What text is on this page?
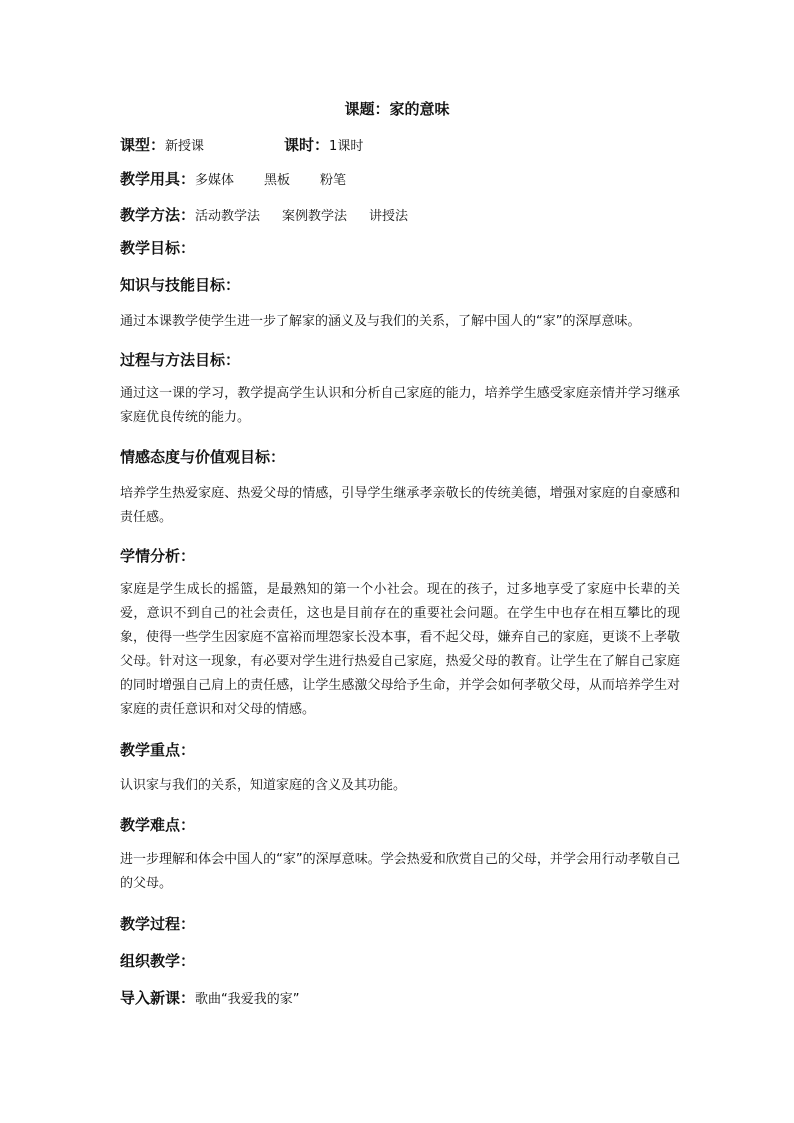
课题：家的意味
课型：新授课	课时：1课时
教学用具：多媒体 黑板 粉笔
教学方法：活动教学法 案例教学法 讲授法
教学目标：
知识与技能目标：
通过本课教学使学生进一步了解家的涵义及与我们的关系，了解中国人的“家”的深厚意味。
过程与方法目标：
通过这一课的学习，教学提高学生认识和分析自己家庭的能力，培养学生感受家庭亲情并学习继承家庭优良传统的能力。
情感态度与价值观目标：
培养学生热爱家庭、热爱父母的情感，引导学生继承孝亲敬长的传统美德，增强对家庭的自豪感和责任感。
学情分析：
家庭是学生成长的摇篮，是最熟知的第一个小社会。现在的孩子，过多地享受了家庭中长辈的关爱，意识不到自己的社会责任，这也是目前存在的重要社会问题。在学生中也存在相互攀比的现象，使得一些学生因家庭不富裕而埋怨家长没本事，看不起父母，嫌弃自己的家庭，更谈不上孝敬父母。针对这一现象，有必要对学生进行热爱自己家庭，热爱父母的教育。让学生在了解自己家庭的同时增强自己肩上的责任感，让学生感激父母给予生命，并学会如何孝敬父母，从而培养学生对家庭的责任意识和对父母的情感。
教学重点：
认识家与我们的关系，知道家庭的含义及其功能。
教学难点：
进一步理解和体会中国人的“家”的深厚意味。学会热爱和欣赏自己的父母，并学会用行动孝敬自己的父母。
教学过程：
组织教学：
导入新课：歌曲“我爱我的家”
